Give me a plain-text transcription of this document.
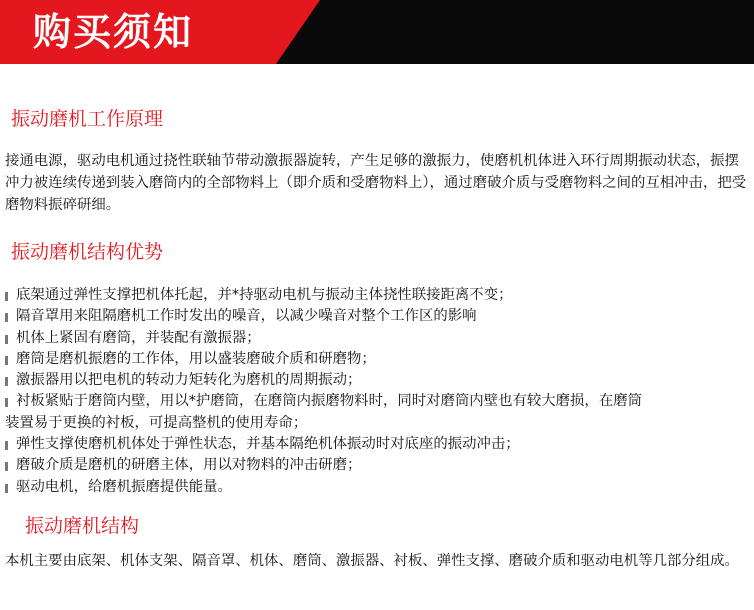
购买须知
振动磨机工作原理

接通电源，驱动电机通过挠性联轴节带动激振器旋转，产生足够的激振力，使磨机机体进入环行周期振动状态，振摆冲力被连续传递到装入磨筒内的全部物料上（即介质和受磨物料上），通过磨破介质与受磨物料之间的互相冲击，把受磨物料振碎研细。

振动磨机结构优势
底架通过弹性支撑把机体托起，并*持驱动电机与振动主体挠性联接距离不变；
隔音罩用来阻隔磨机工作时发出的噪音，以减少噪音对整个工作区的影响
机体上紧固有磨筒，并装配有激振器；
磨筒是磨机振磨的工作体，用以盛装磨破介质和研磨物；
激振器用以把电机的转动力矩转化为磨机的周期振动；
衬板紧贴于磨筒内壁，用以*护磨筒，在磨筒内振磨物料时，同时对磨筒内壁也有较大磨损，在磨筒
装置易于更换的衬板，可提高整机的使用寿命；
弹性支撑使磨机机体处于弹性状态，并基本隔绝机体振动时对底座的振动冲击；
磨破介质是磨机的研磨主体，用以对物料的冲击研磨；
驱动电机，给磨机振磨提供能量。
振动磨机结构

本机主要由底架、机体支架、隔音罩、机体、磨筒、激振器、衬板、弹性支撑、磨破介质和驱动电机等几部分组成。
